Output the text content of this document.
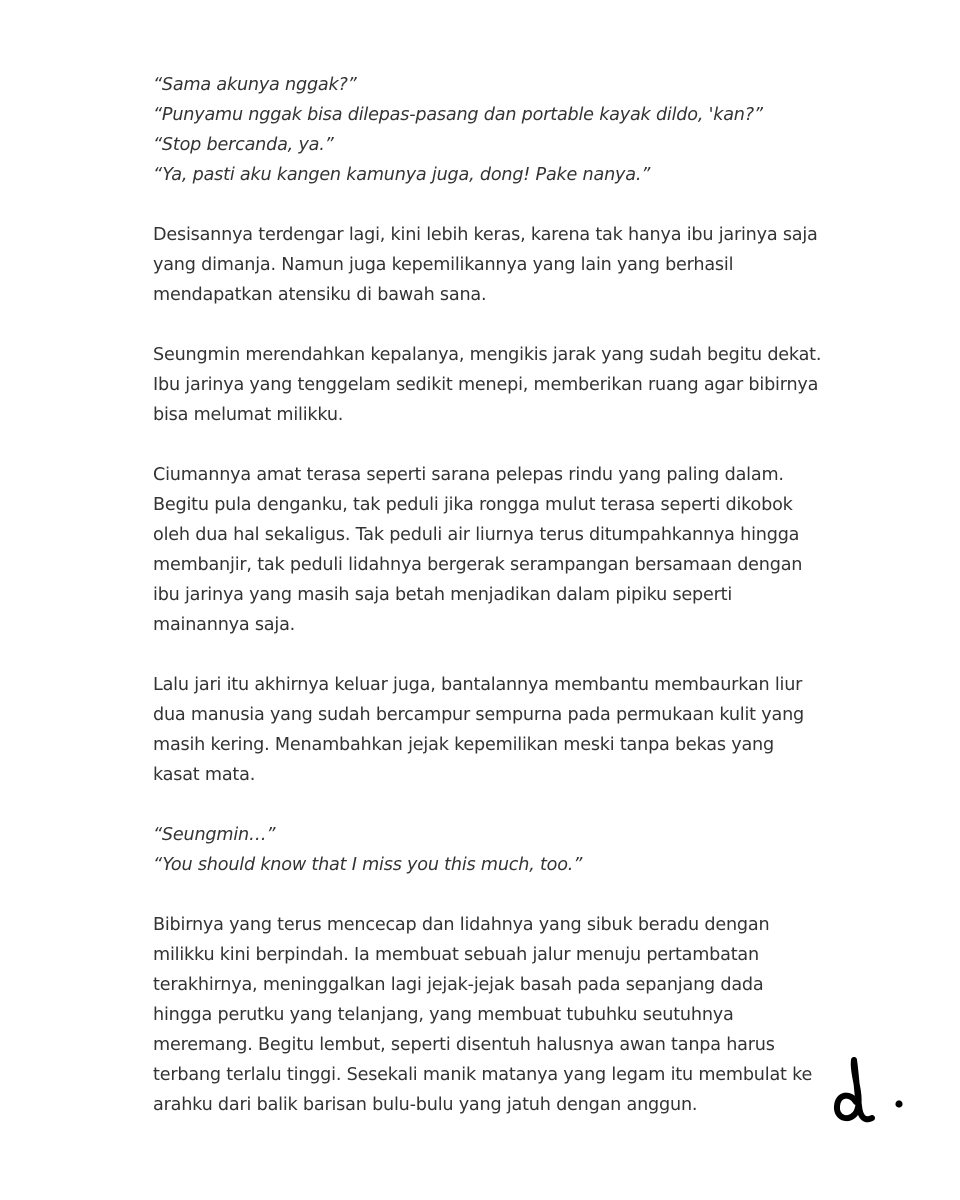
“Sama akunya nggak?”
“Punyamu nggak bisa dilepas-pasang dan portable kayak dildo, 'kan?”
“Stop bercanda, ya.”
“Ya, pasti aku kangen kamunya juga, dong! Pake nanya.”
Desisannya terdengar lagi, kini lebih keras, karena tak hanya ibu jarinya saja
yang dimanja. Namun juga kepemilikannya yang lain yang berhasil
mendapatkan atensiku di bawah sana.
Seungmin merendahkan kepalanya, mengikis jarak yang sudah begitu dekat.
Ibu jarinya yang tenggelam sedikit menepi, memberikan ruang agar bibirnya
bisa melumat milikku.
Ciumannya amat terasa seperti sarana pelepas rindu yang paling dalam.
Begitu pula denganku, tak peduli jika rongga mulut terasa seperti dikobok
oleh dua hal sekaligus. Tak peduli air liurnya terus ditumpahkannya hingga
membanjir, tak peduli lidahnya bergerak serampangan bersamaan dengan
ibu jarinya yang masih saja betah menjadikan dalam pipiku seperti
mainannya saja.
Lalu jari itu akhirnya keluar juga, bantalannya membantu membaurkan liur
dua manusia yang sudah bercampur sempurna pada permukaan kulit yang
masih kering. Menambahkan jejak kepemilikan meski tanpa bekas yang
kasat mata.
“Seungmin…”
“You should know that I miss you this much, too.”
Bibirnya yang terus mencecap dan lidahnya yang sibuk beradu dengan
milikku kini berpindah. Ia membuat sebuah jalur menuju pertambatan
terakhirnya, meninggalkan lagi jejak-jejak basah pada sepanjang dada
hingga perutku yang telanjang, yang membuat tubuhku seutuhnya
meremang. Begitu lembut, seperti disentuh halusnya awan tanpa harus
terbang terlalu tinggi. Sesekali manik matanya yang legam itu membulat ke
arahku dari balik barisan bulu-bulu yang jatuh dengan anggun.
